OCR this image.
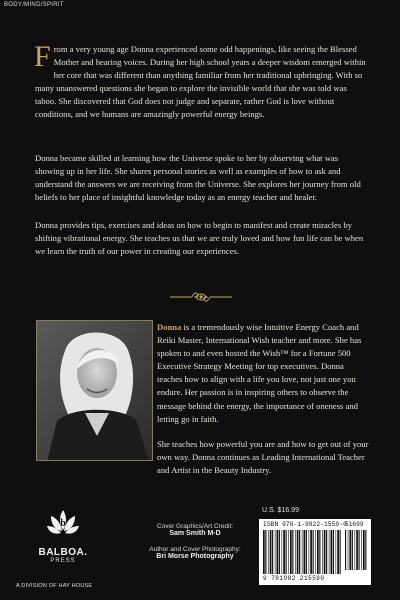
BODY/MIND/SPIRIT
From a very young age Donna experienced some odd happenings, like seeing the Blessed Mother and hearing voices. During her high school years a deeper wisdom emerged within her core that was different than anything familiar from her traditional upbringing. With so many unanswered questions she began to explore the invisible world that she was told was taboo. She discovered that God does not judge and separate, rather God is love without conditions, and we humans are amazingly powerful energy beings.
Donna became skilled at learning how the Universe spoke to her by observing what was showing up in her life. She shares personal stories as well as examples of how to ask and understand the answers we are receiving from the Universe. She explores her journey from old beliefs to her place of insightful knowledge today as an energy teacher and healer.
Donna provides tips, exercises and ideas on how to begin to manifest and create miracles by shifting vibrational energy. She teaches us that we are truly loved and how fun life can be when we learn the truth of our power in creating our experiences.
Donna is a tremendously wise Intuitive Energy Coach and Reiki Master, International Wish teacher and more. She has spoken to and even hosted the Wish™ for a Fortune 500 Executive Strategy Meeting for top executives. Donna teaches how to align with a life you love, not just one you endure. Her passion is in inspiring others to observe the message behind the energy, the importance of oneness and letting go in faith.
She teaches how powerful you are and how to get out of your own way. Donna continues as Leading International Teacher and Artist in the Beauty Industry.
b
BALBOA.
PRESS
A DIVISION OF HAY HOUSE
Cover Graphics/Art Credit:
Sam Smith M-D
Author and Cover Photography:
Bri Morse Photography
U.S. $16.99
ISBN 978-1-9822-1559-0
51699
9 781982 215590
